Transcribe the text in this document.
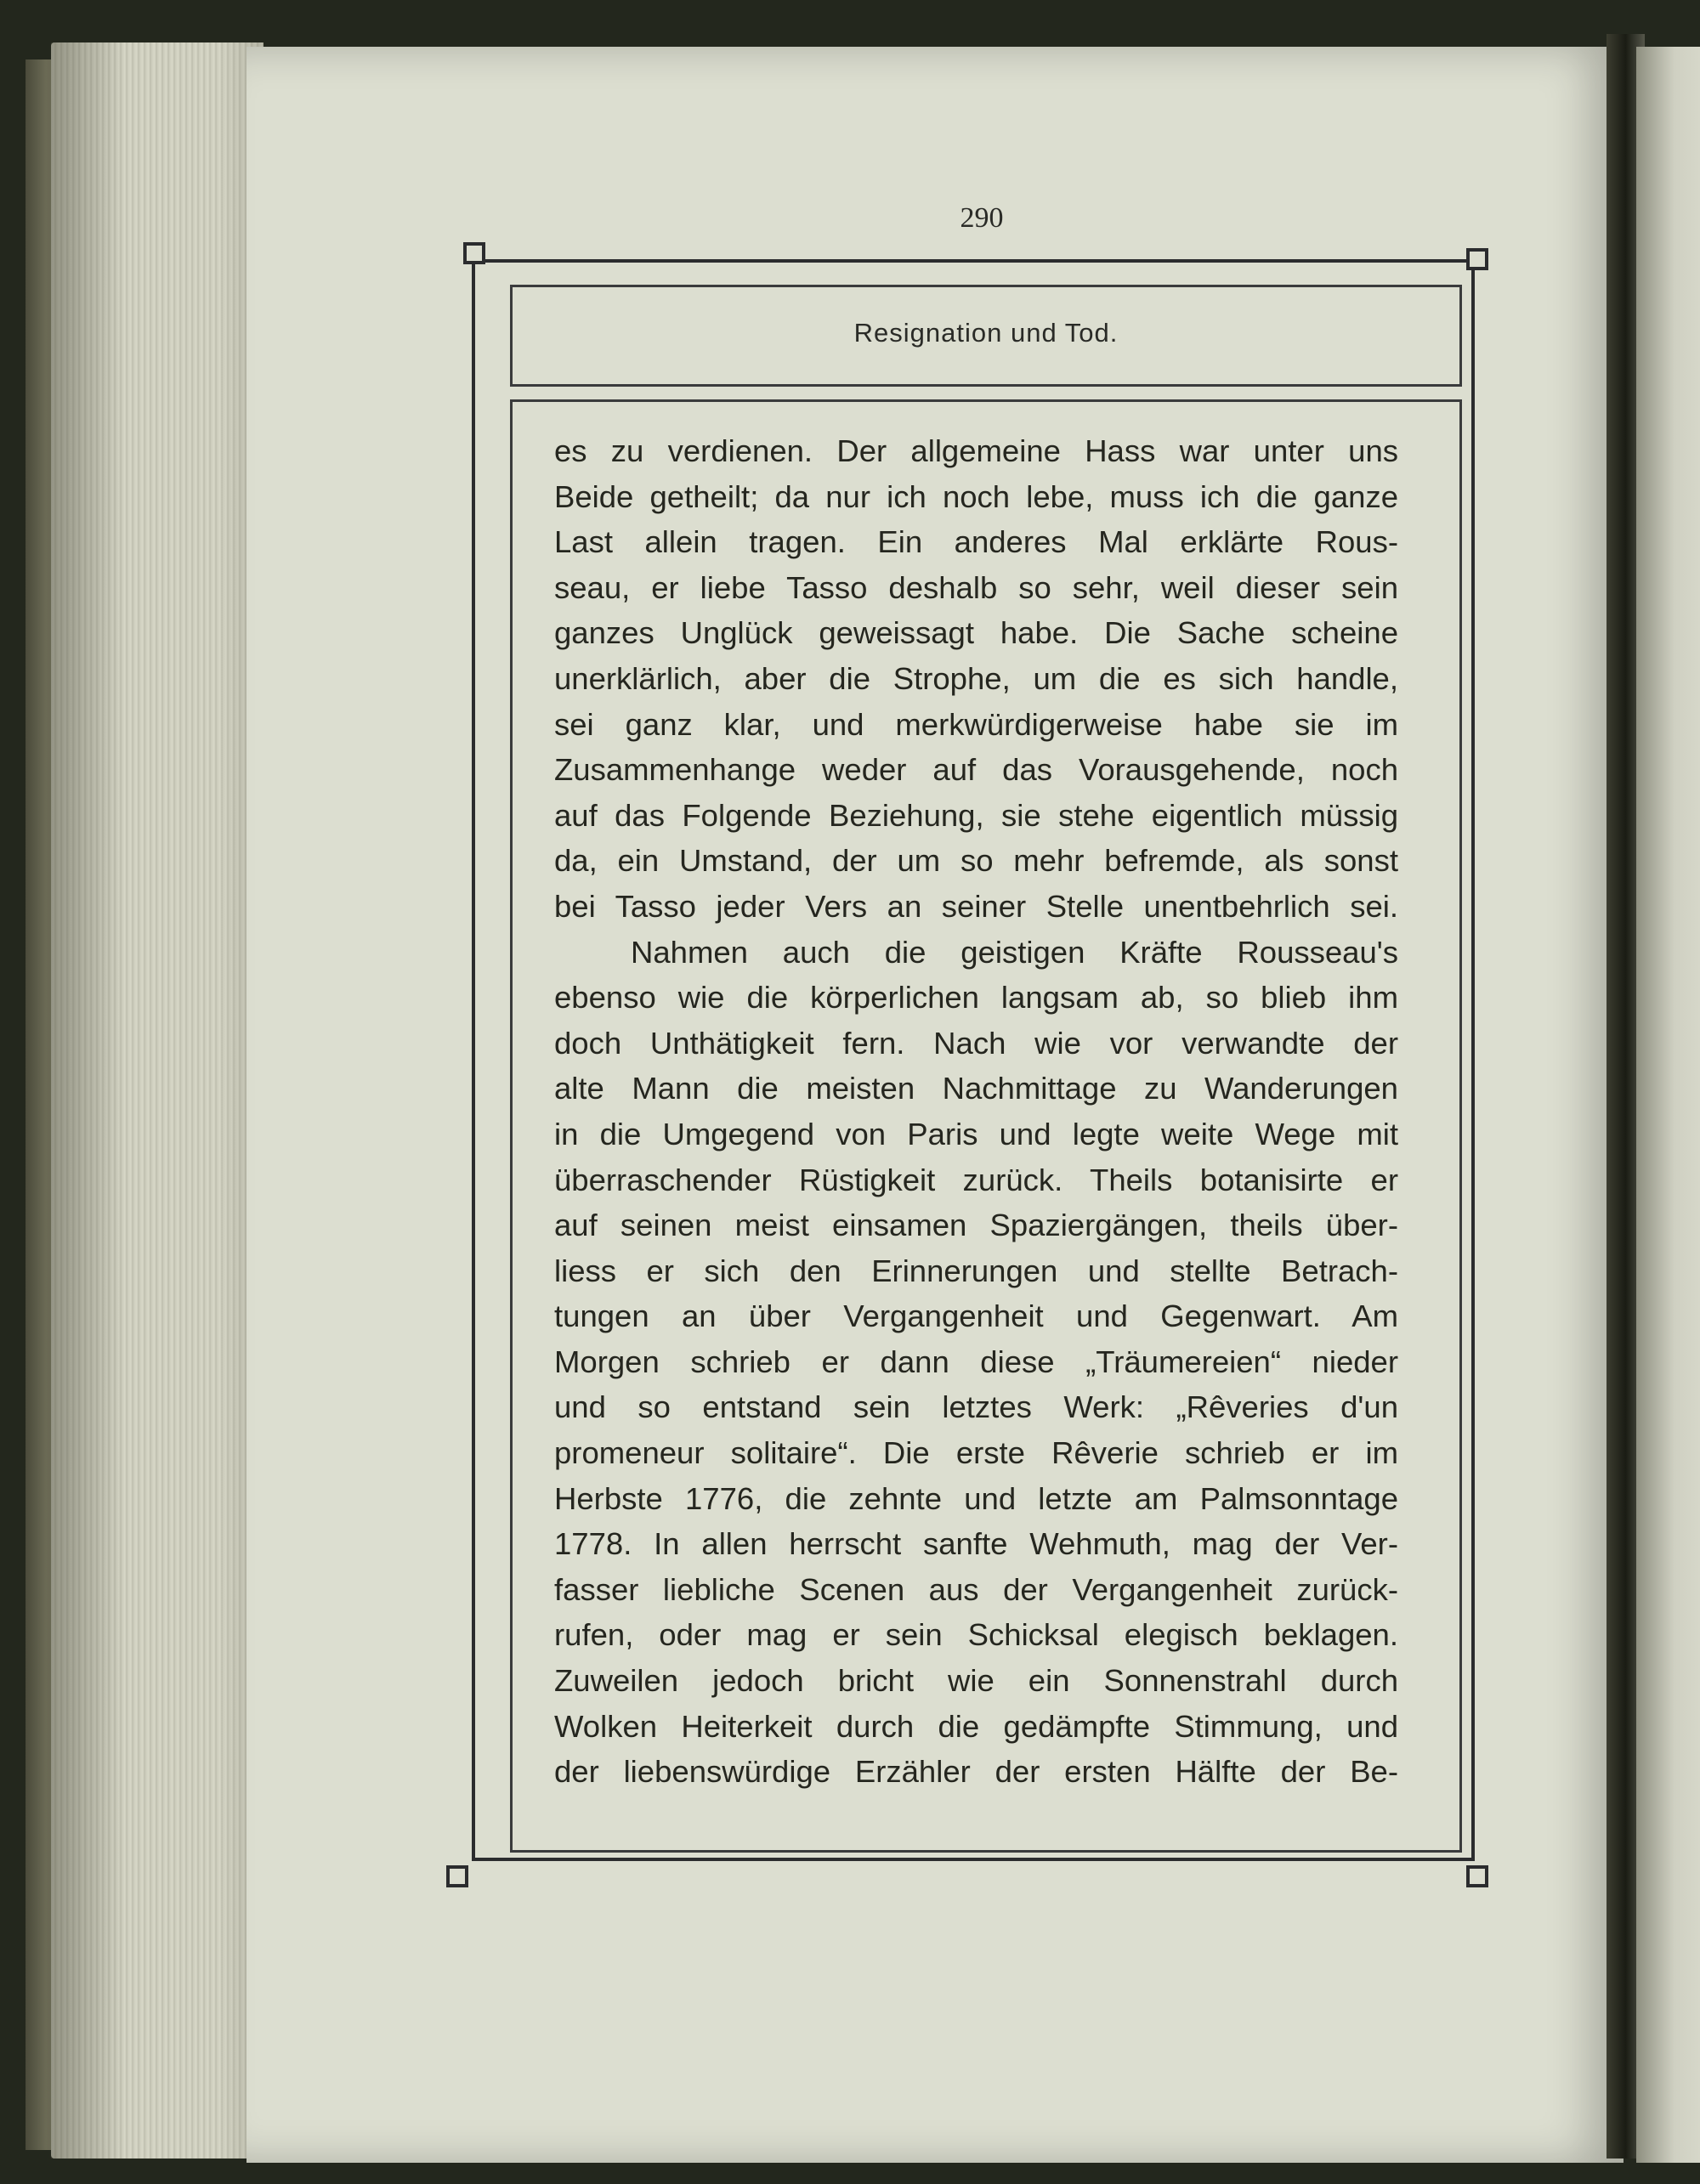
290
Resignation und Tod.
es zu verdienen. Der allgemeine Hass war unter uns
Beide getheilt; da nur ich noch lebe, muss ich die ganze
Last allein tragen. Ein anderes Mal erklärte Rous-
seau, er liebe Tasso deshalb so sehr, weil dieser sein
ganzes Unglück geweissagt habe. Die Sache scheine
unerklärlich, aber die Strophe, um die es sich handle,
sei ganz klar, und merkwürdigerweise habe sie im
Zusammenhange weder auf das Vorausgehende, noch
auf das Folgende Beziehung, sie stehe eigentlich müssig
da, ein Umstand, der um so mehr befremde, als sonst
bei Tasso jeder Vers an seiner Stelle unentbehrlich sei.
Nahmen auch die geistigen Kräfte Rousseau's
ebenso wie die körperlichen langsam ab, so blieb ihm
doch Unthätigkeit fern. Nach wie vor verwandte der
alte Mann die meisten Nachmittage zu Wanderungen
in die Umgegend von Paris und legte weite Wege mit
überraschender Rüstigkeit zurück. Theils botanisirte er
auf seinen meist einsamen Spaziergängen, theils über-
liess er sich den Erinnerungen und stellte Betrach-
tungen an über Vergangenheit und Gegenwart. Am
Morgen schrieb er dann diese „Träumereien“ nieder
und so entstand sein letztes Werk: „Rêveries d'un
promeneur solitaire“. Die erste Rêverie schrieb er im
Herbste 1776, die zehnte und letzte am Palmsonntage
1778. In allen herrscht sanfte Wehmuth, mag der Ver-
fasser liebliche Scenen aus der Vergangenheit zurück-
rufen, oder mag er sein Schicksal elegisch beklagen.
Zuweilen jedoch bricht wie ein Sonnenstrahl durch
Wolken Heiterkeit durch die gedämpfte Stimmung, und
der liebenswürdige Erzähler der ersten Hälfte der Be-
